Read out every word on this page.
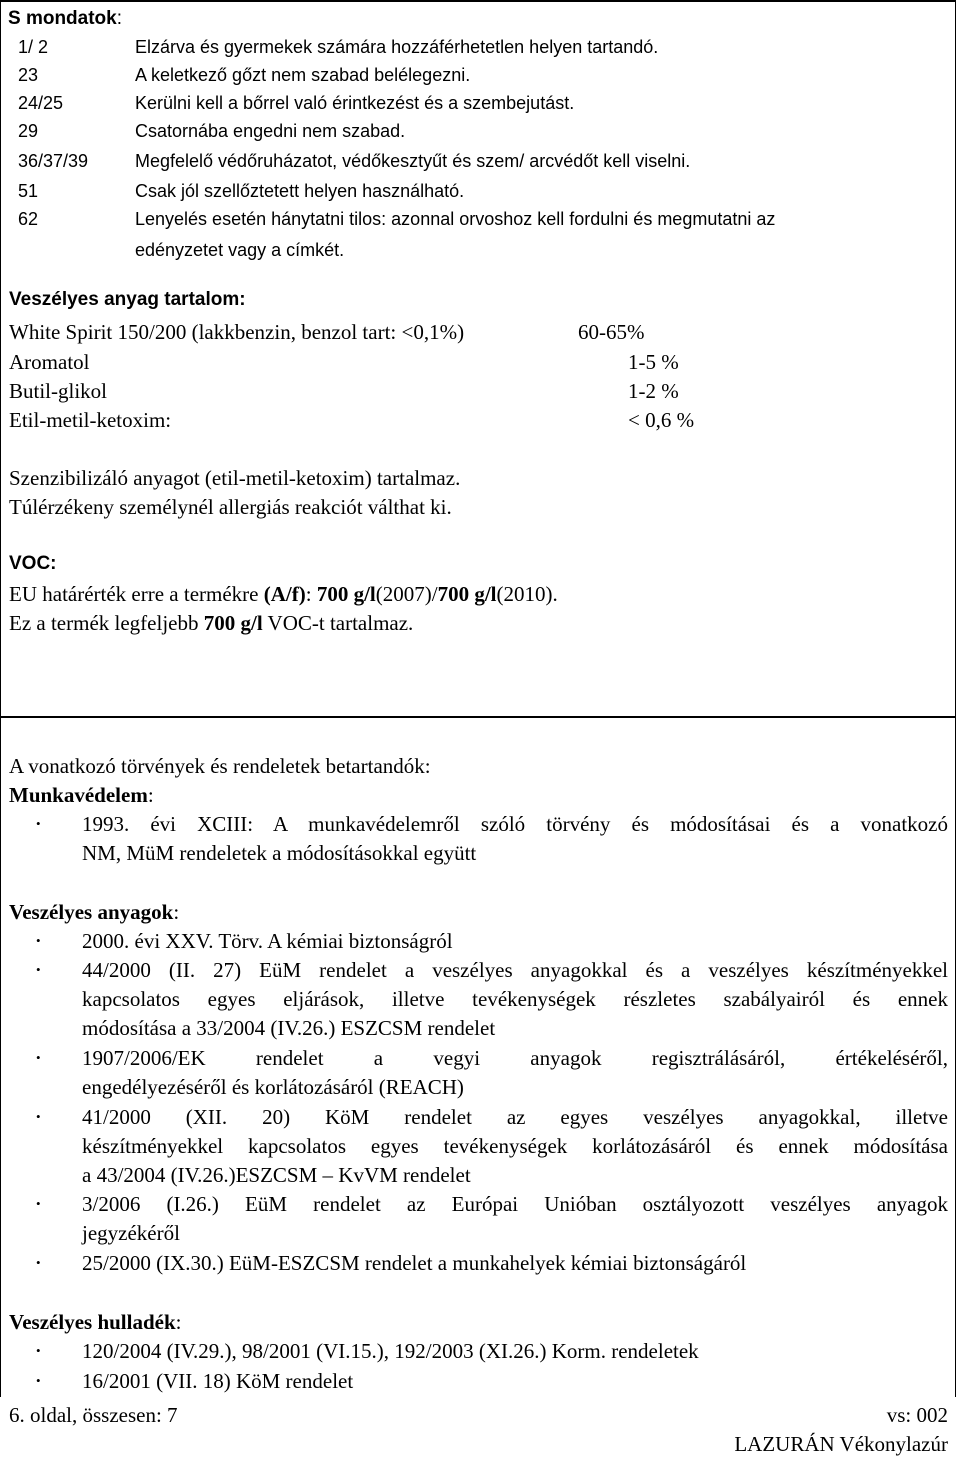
S mondatok:
1/ 2	Elzárva és gyermekek számára hozzáférhetetlen helyen tartandó.
23	A keletkező gőzt nem szabad belélegezni.
24/25	Kerülni kell a bőrrel való érintkezést és a szembejutást.
29	Csatornába engedni nem szabad.
36/37/39	Megfelelő védőruházatot, védőkesztyűt és szem/ arcvédőt kell viselni.
51	Csak jól szellőztetett helyen használható.
62	Lenyelés esetén hánytatni tilos: azonnal orvoshoz kell fordulni és megmutatni az
edényzetet vagy a címkét.
Veszélyes anyag tartalom:
White Spirit 150/200 (lakkbenzin, benzol tart: <0,1%)	60-65%
Aromatol	1-5 %
Butil-glikol	1-2 %
Etil-metil-ketoxim:	< 0,6 %
Szenzibilizáló anyagot (etil-metil-ketoxim) tartalmaz.
Túlérzékeny személynél allergiás reakciót válthat ki.
VOC:
EU határérték erre a termékre (A/f): 700 g/l(2007)/700 g/l(2010).
Ez a termék legfeljebb 700 g/l VOC-t tartalmaz.
A vonatkozó törvények és rendeletek betartandók:
Munkavédelem:
• 1993. évi XCIII: A munkavédelemről szóló törvény és módosításai és a vonatkozó
NM, MüM rendeletek a módosításokkal együtt
Veszélyes anyagok:
• 2000. évi XXV. Törv. A kémiai biztonságról
• 44/2000 (II. 27) EüM rendelet a veszélyes anyagokkal és a veszélyes készítményekkel
kapcsolatos egyes eljárások, illetve tevékenységek részletes szabályairól és ennek
módosítása a 33/2004 (IV.26.) ESZCSM rendelet
• 1907/2006/EK rendelet a vegyi anyagok regisztrálásáról, értékeléséről,
engedélyezéséről és korlátozásáról (REACH)
• 41/2000 (XII. 20) KöM rendelet az egyes veszélyes anyagokkal, illetve
készítményekkel kapcsolatos egyes tevékenységek korlátozásáról és ennek módosítása
a 43/2004 (IV.26.)ESZCSM – KvVM rendelet
• 3/2006 (I.26.) EüM rendelet az Európai Unióban osztályozott veszélyes anyagok
jegyzékéről
• 25/2000 (IX.30.) EüM-ESZCSM rendelet a munkahelyek kémiai biztonságáról
Veszélyes hulladék:
• 120/2004 (IV.29.), 98/2001 (VI.15.), 192/2003 (XI.26.) Korm. rendeletek
• 16/2001 (VII. 18) KöM rendelet
6. oldal, összesen: 7	vs: 002
LAZURÁN Vékonylazúr
